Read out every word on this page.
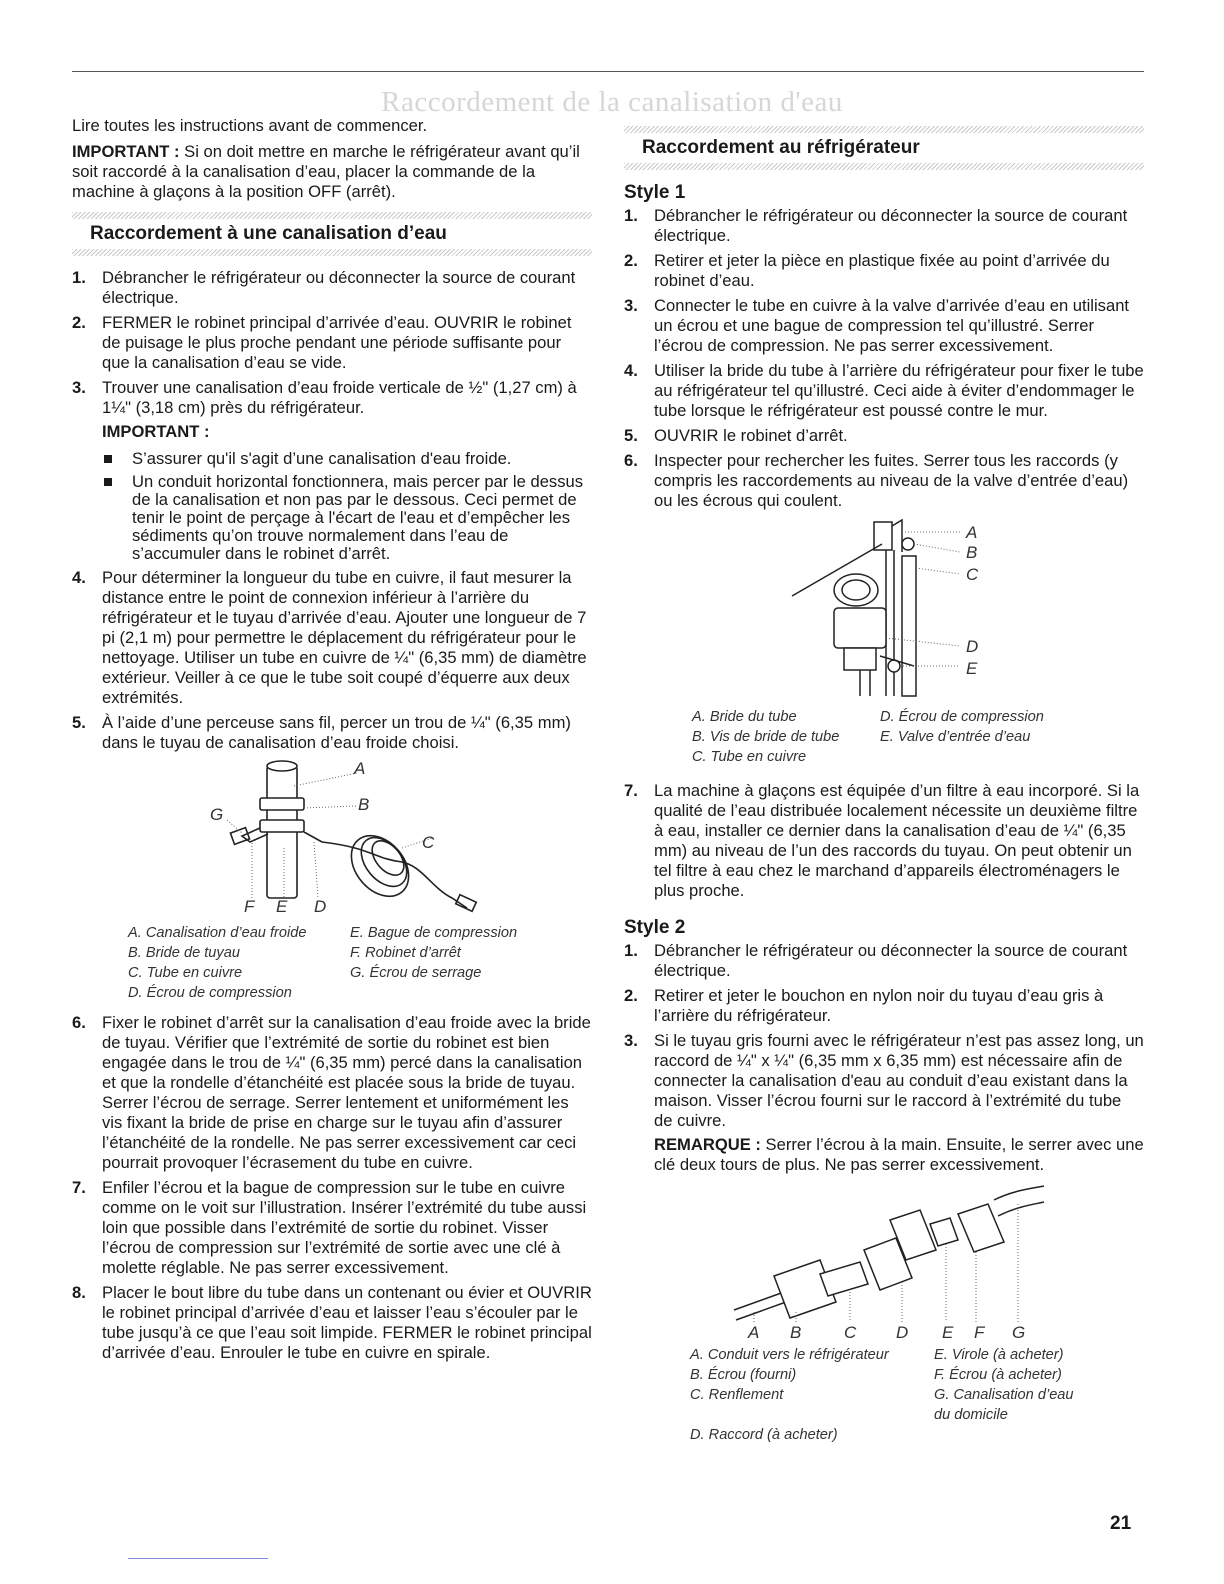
Raccordement de la canalisation d'eau

Lire toutes les instructions avant de commencer.

IMPORTANT : Si on doit mettre en marche le réfrigérateur avant qu’il soit raccordé à la canalisation d’eau, placer la commande de la machine à glaçons à la position OFF (arrêt).

Raccordement à une canalisation d’eau
1. Débrancher le réfrigérateur ou déconnecter la source de courant électrique.
2. FERMER le robinet principal d’arrivée d’eau. OUVRIR le robinet de puisage le plus proche pendant une période suffisante pour que la canalisation d’eau se vide.
3. Trouver une canalisation d’eau froide verticale de ½" (1,27 cm) à 1¼" (3,18 cm) près du réfrigérateur.
IMPORTANT :
S’assurer qu'il s'agit d’une canalisation d'eau froide.
Un conduit horizontal fonctionnera, mais percer par le dessus de la canalisation et non pas par le dessous. Ceci permet de tenir le point de perçage à l'écart de l'eau et d’empêcher les sédiments qu’on trouve normalement dans l’eau de s’accumuler dans le robinet d’arrêt.
4. Pour déterminer la longueur du tube en cuivre, il faut mesurer la distance entre le point de connexion inférieur à l’arrière du réfrigérateur et le tuyau d’arrivée d’eau. Ajouter une longueur de 7 pi (2,1 m) pour permettre le déplacement du réfrigérateur pour le nettoyage. Utiliser un tube en cuivre de ¼" (6,35 mm) de diamètre extérieur. Veiller à ce que le tube soit coupé d’équerre aux deux extrémités.
5. À l’aide d’une perceuse sans fil, percer un trou de ¼" (6,35 mm) dans le tuyau de canalisation d’eau froide choisi.
A
B
C
G
F E D
A. Canalisation d’eau froide	E. Bague de compression
B. Bride de tuyau	F. Robinet d’arrêt
C. Tube en cuivre	G. Écrou de serrage
D. Écrou de compression
6. Fixer le robinet d’arrêt sur la canalisation d’eau froide avec la bride de tuyau. Vérifier que l’extrémité de sortie du robinet est bien engagée dans le trou de ¼" (6,35 mm) percé dans la canalisation et que la rondelle d’étanchéité est placée sous la bride de tuyau. Serrer l’écrou de serrage. Serrer lentement et uniformément les vis fixant la bride de prise en charge sur le tuyau afin d’assurer l’étanchéité de la rondelle. Ne pas serrer excessivement car ceci pourrait provoquer l’écrasement du tube en cuivre.
7. Enfiler l’écrou et la bague de compression sur le tube en cuivre comme on le voit sur l’illustration. Insérer l’extrémité du tube aussi loin que possible dans l’extrémité de sortie du robinet. Visser l’écrou de compression sur l’extrémité de sortie avec une clé à molette réglable. Ne pas serrer excessivement.
8. Placer le bout libre du tube dans un contenant ou évier et OUVRIR le robinet principal d’arrivée d’eau et laisser l’eau s’écouler par le tube jusqu’à ce que l’eau soit limpide. FERMER le robinet principal d’arrivée d’eau. Enrouler le tube en cuivre en spirale.
Raccordement au réfrigérateur
Style 1
1. Débrancher le réfrigérateur ou déconnecter la source de courant électrique.
2. Retirer et jeter la pièce en plastique fixée au point d’arrivée du robinet d’eau.
3. Connecter le tube en cuivre à la valve d’arrivée d’eau en utilisant un écrou et une bague de compression tel qu’illustré. Serrer l’écrou de compression. Ne pas serrer excessivement.
4. Utiliser la bride du tube à l’arrière du réfrigérateur pour fixer le tube au réfrigérateur tel qu’illustré. Ceci aide à éviter d’endommager le tube lorsque le réfrigérateur est poussé contre le mur.
5. OUVRIR le robinet d’arrêt.
6. Inspecter pour rechercher les fuites. Serrer tous les raccords (y compris les raccordements au niveau de la valve d’entrée d’eau) ou les écrous qui coulent.
A
B
C
D
E
A. Bride du tube	D. Écrou de compression
B. Vis de bride de tube	E. Valve d’entrée d’eau
C. Tube en cuivre
7. La machine à glaçons est équipée d’un filtre à eau incorporé. Si la qualité de l’eau distribuée localement nécessite un deuxième filtre à eau, installer ce dernier dans la canalisation d’eau de ¼" (6,35 mm) au niveau de l’un des raccords du tuyau. On peut obtenir un tel filtre à eau chez le marchand d’appareils électroménagers le plus proche.
Style 2
1. Débrancher le réfrigérateur ou déconnecter la source de courant électrique.
2. Retirer et jeter le bouchon en nylon noir du tuyau d’eau gris à l’arrière du réfrigérateur.
3. Si le tuyau gris fourni avec le réfrigérateur n’est pas assez long, un raccord de ¼" x ¼" (6,35 mm x 6,35 mm) est nécessaire afin de connecter la canalisation d'eau au conduit d’eau existant dans la maison. Visser l’écrou fourni sur le raccord à l’extrémité du tube de cuivre.

REMARQUE : Serrer l’écrou à la main. Ensuite, le serrer avec une clé deux tours de plus. Ne pas serrer excessivement.

A B	C D E F G
A. Conduit vers le réfrigérateur	E. Virole (à acheter)
B. Écrou (fourni)	F. Écrou (à acheter)
C. Renflement	G. Canalisation d’eau du domicile
D. Raccord (à acheter)
21
